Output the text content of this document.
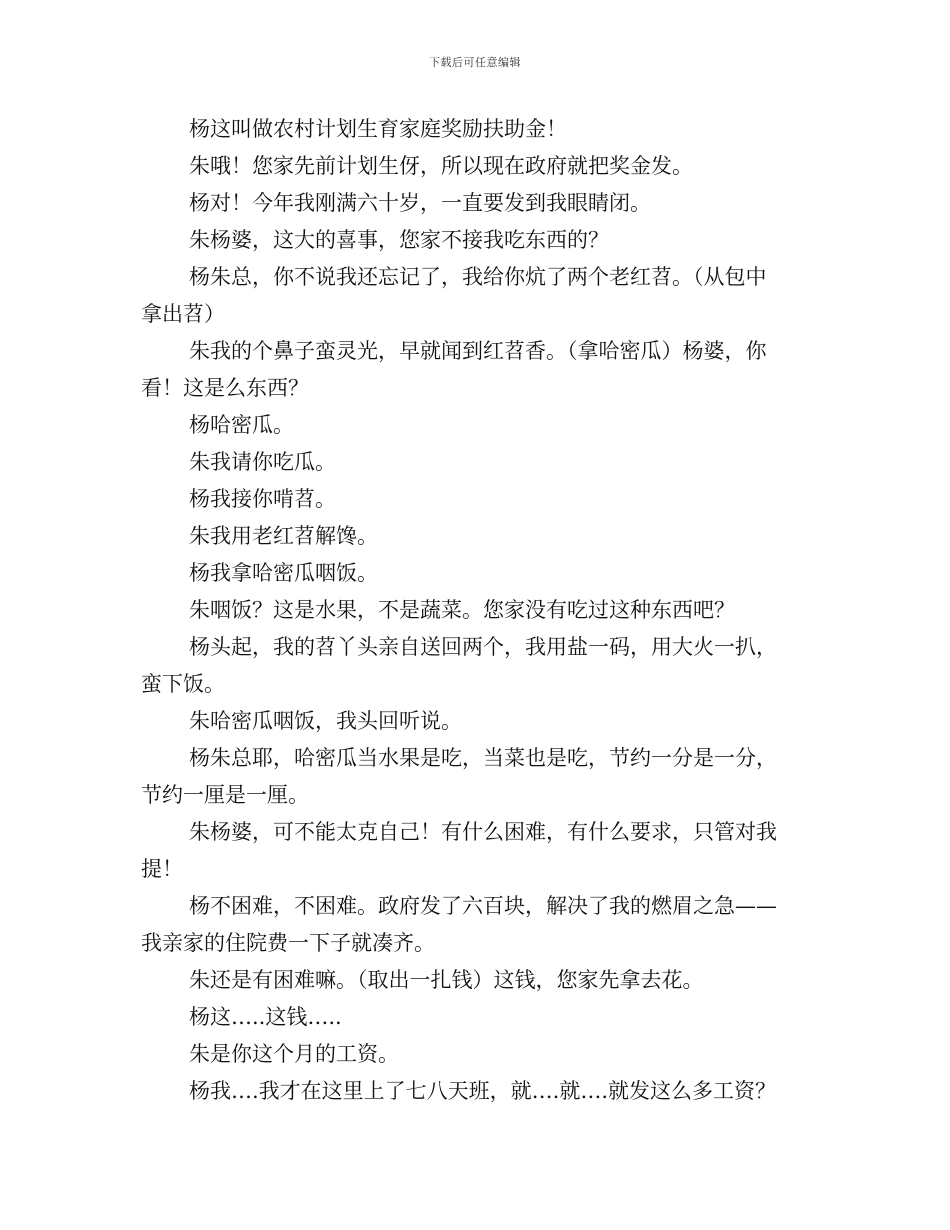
下载后可任意编辑
杨这叫做农村计划生育家庭奖励扶助金！
朱哦！您家先前计划生伢，所以现在政府就把奖金发。
杨对！今年我刚满六十岁，一直要发到我眼睛闭。
朱杨婆，这大的喜事，您家不接我吃东西的？
杨朱总，你不说我还忘记了，我给你炕了两个老红苕。（从包中
拿出苕）
朱我的个鼻子蛮灵光，早就闻到红苕香。（拿哈密瓜）杨婆，你
看！这是么东西？
杨哈密瓜。
朱我请你吃瓜。
杨我接你啃苕。
朱我用老红苕解馋。
杨我拿哈密瓜咽饭。
朱咽饭？这是水果，不是蔬菜。您家没有吃过这种东西吧？
杨头起，我的苕丫头亲自送回两个，我用盐一码，用大火一扒，
蛮下饭。
朱哈密瓜咽饭，我头回听说。
杨朱总耶，哈密瓜当水果是吃，当菜也是吃，节约一分是一分，
节约一厘是一厘。
朱杨婆，可不能太克自己！有什么困难，有什么要求，只管对我
提！
杨不困难，不困难。政府发了六百块，解决了我的燃眉之急——
我亲家的住院费一下子就凑齐。
朱还是有困难嘛。（取出一扎钱）这钱，您家先拿去花。
杨这…..这钱…..
朱是你这个月的工资。
杨我….我才在这里上了七八天班，就….就….就发这么多工资？
